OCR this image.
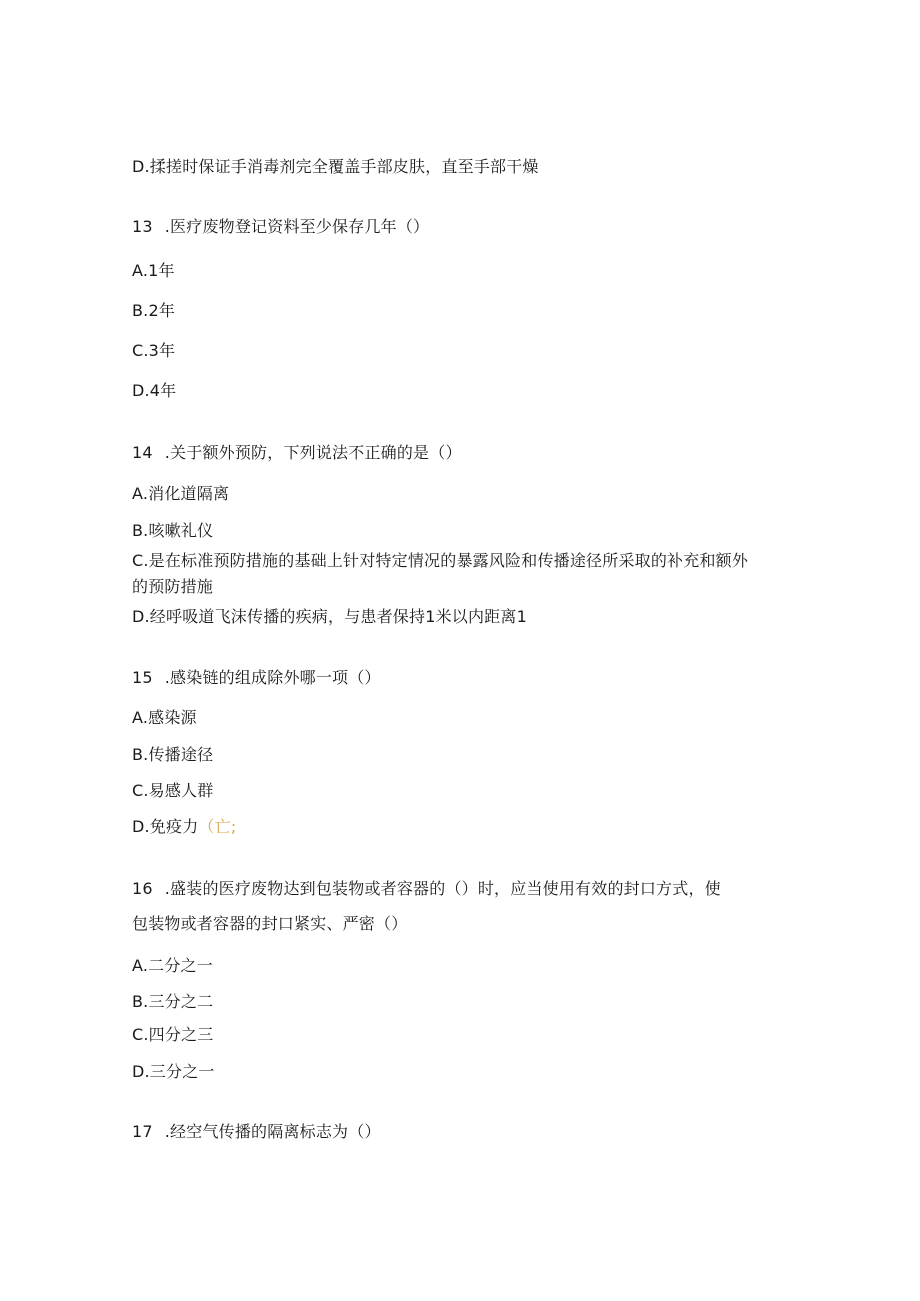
D.揉搓时保证手消毒剂完全覆盖手部皮肤，直至手部干燥
13 .医疗废物登记资料至少保存几年（）
A.1年
B.2年
C.3年
D.4年
14 .关于额外预防，下列说法不正确的是（）
A.消化道隔离
B.咳嗽礼仪
C.是在标准预防措施的基础上针对特定情况的暴露风险和传播途径所采取的补充和额外
的预防措施
D.经呼吸道飞沫传播的疾病，与患者保持1米以内距离1
15 .感染链的组成除外哪一项（）
A.感染源
B.传播途径
C.易感人群
D.免疫力（亡;
16 .盛装的医疗废物达到包装物或者容器的（）时，应当使用有效的封口方式，使
包装物或者容器的封口紧实、严密（）
A.二分之一
B.三分之二
C.四分之三
D.三分之一
17 .经空气传播的隔离标志为（）
